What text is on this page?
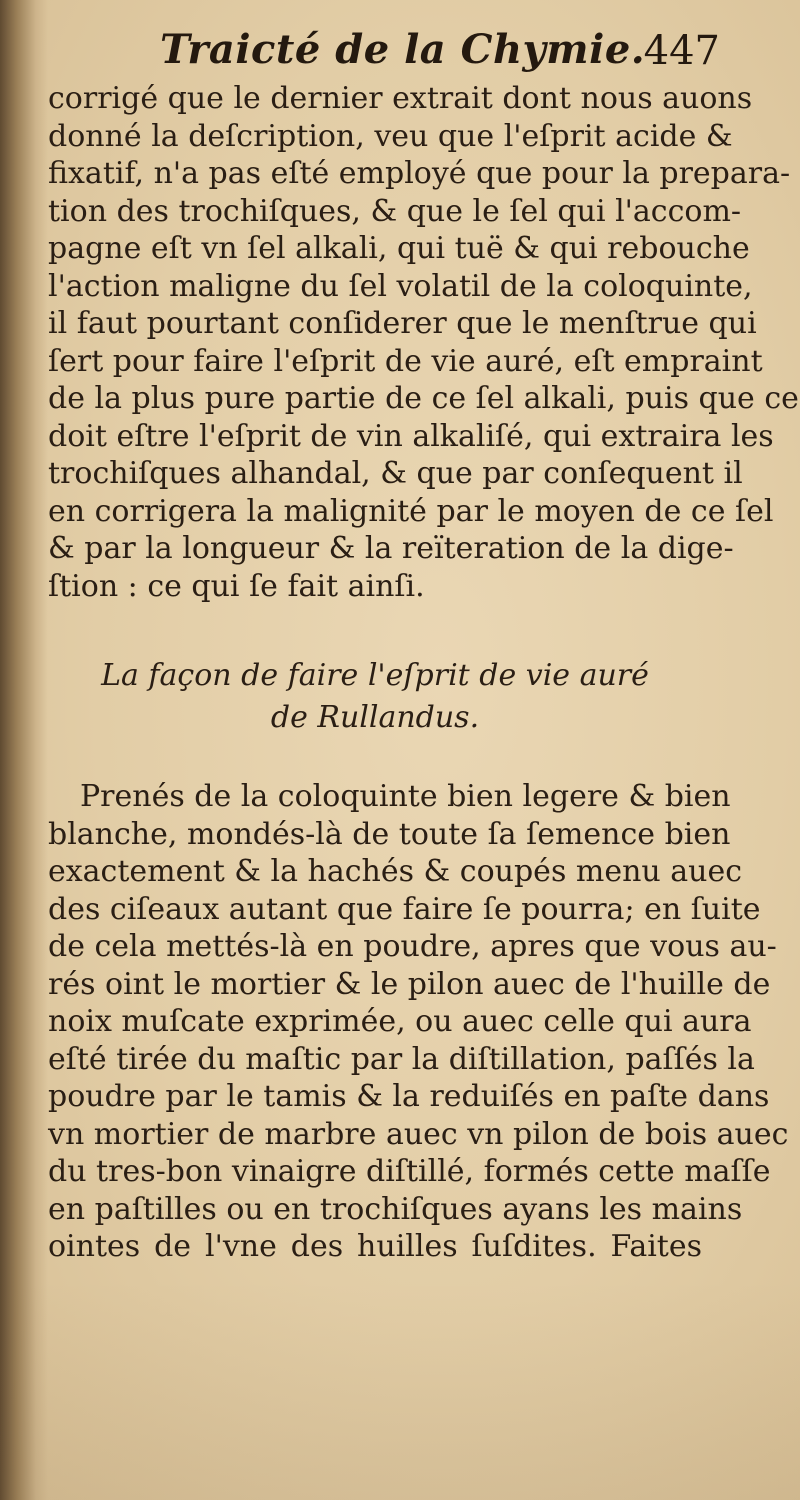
Traicté de la Chymie.
447
corrigé que le dernier extrait dont nous auons
donné la deſcription, veu que l'eſprit acide &
fixatif, n'a pas eſté employé que pour la prepara-
tion des trochiſques, & que le ſel qui l'accom-
pagne eſt vn ſel alkali, qui tuë & qui rebouche
l'action maligne du ſel volatil de la coloquinte,
il faut pourtant conſiderer que le menſtrue qui
ſert pour faire l'eſprit de vie auré, eſt empraint
de la plus pure partie de ce ſel alkali, puis que ce
doit eſtre l'eſprit de vin alkaliſé, qui extraira les
trochiſques alhandal, & que par conſequent il
en corrigera la malignité par le moyen de ce ſel
& par la longueur & la reïteration de la dige-
ſtion : ce qui ſe fait ainſi.
La façon de faire l'eſprit de vie auré
de Rullandus.
Prenés de la coloquinte bien legere & bien
blanche, mondés-là de toute ſa ſemence bien
exactement & la hachés & coupés menu auec
des ciſeaux autant que faire ſe pourra; en ſuite
de cela mettés-là en poudre, apres que vous au-
rés oint le mortier & le pilon auec de l'huille de
noix muſcate exprimée, ou auec celle qui aura
eſté tirée du maſtic par la diſtillation, paſſés la
poudre par le tamis & la reduiſés en paſte dans
vn mortier de marbre auec vn pilon de bois auec
du tres-bon vinaigre diſtillé, formés cette maſſe
en paſtilles ou en trochiſques ayans les mains
ointes de l'vne des huilles ſuſdites. Faites
